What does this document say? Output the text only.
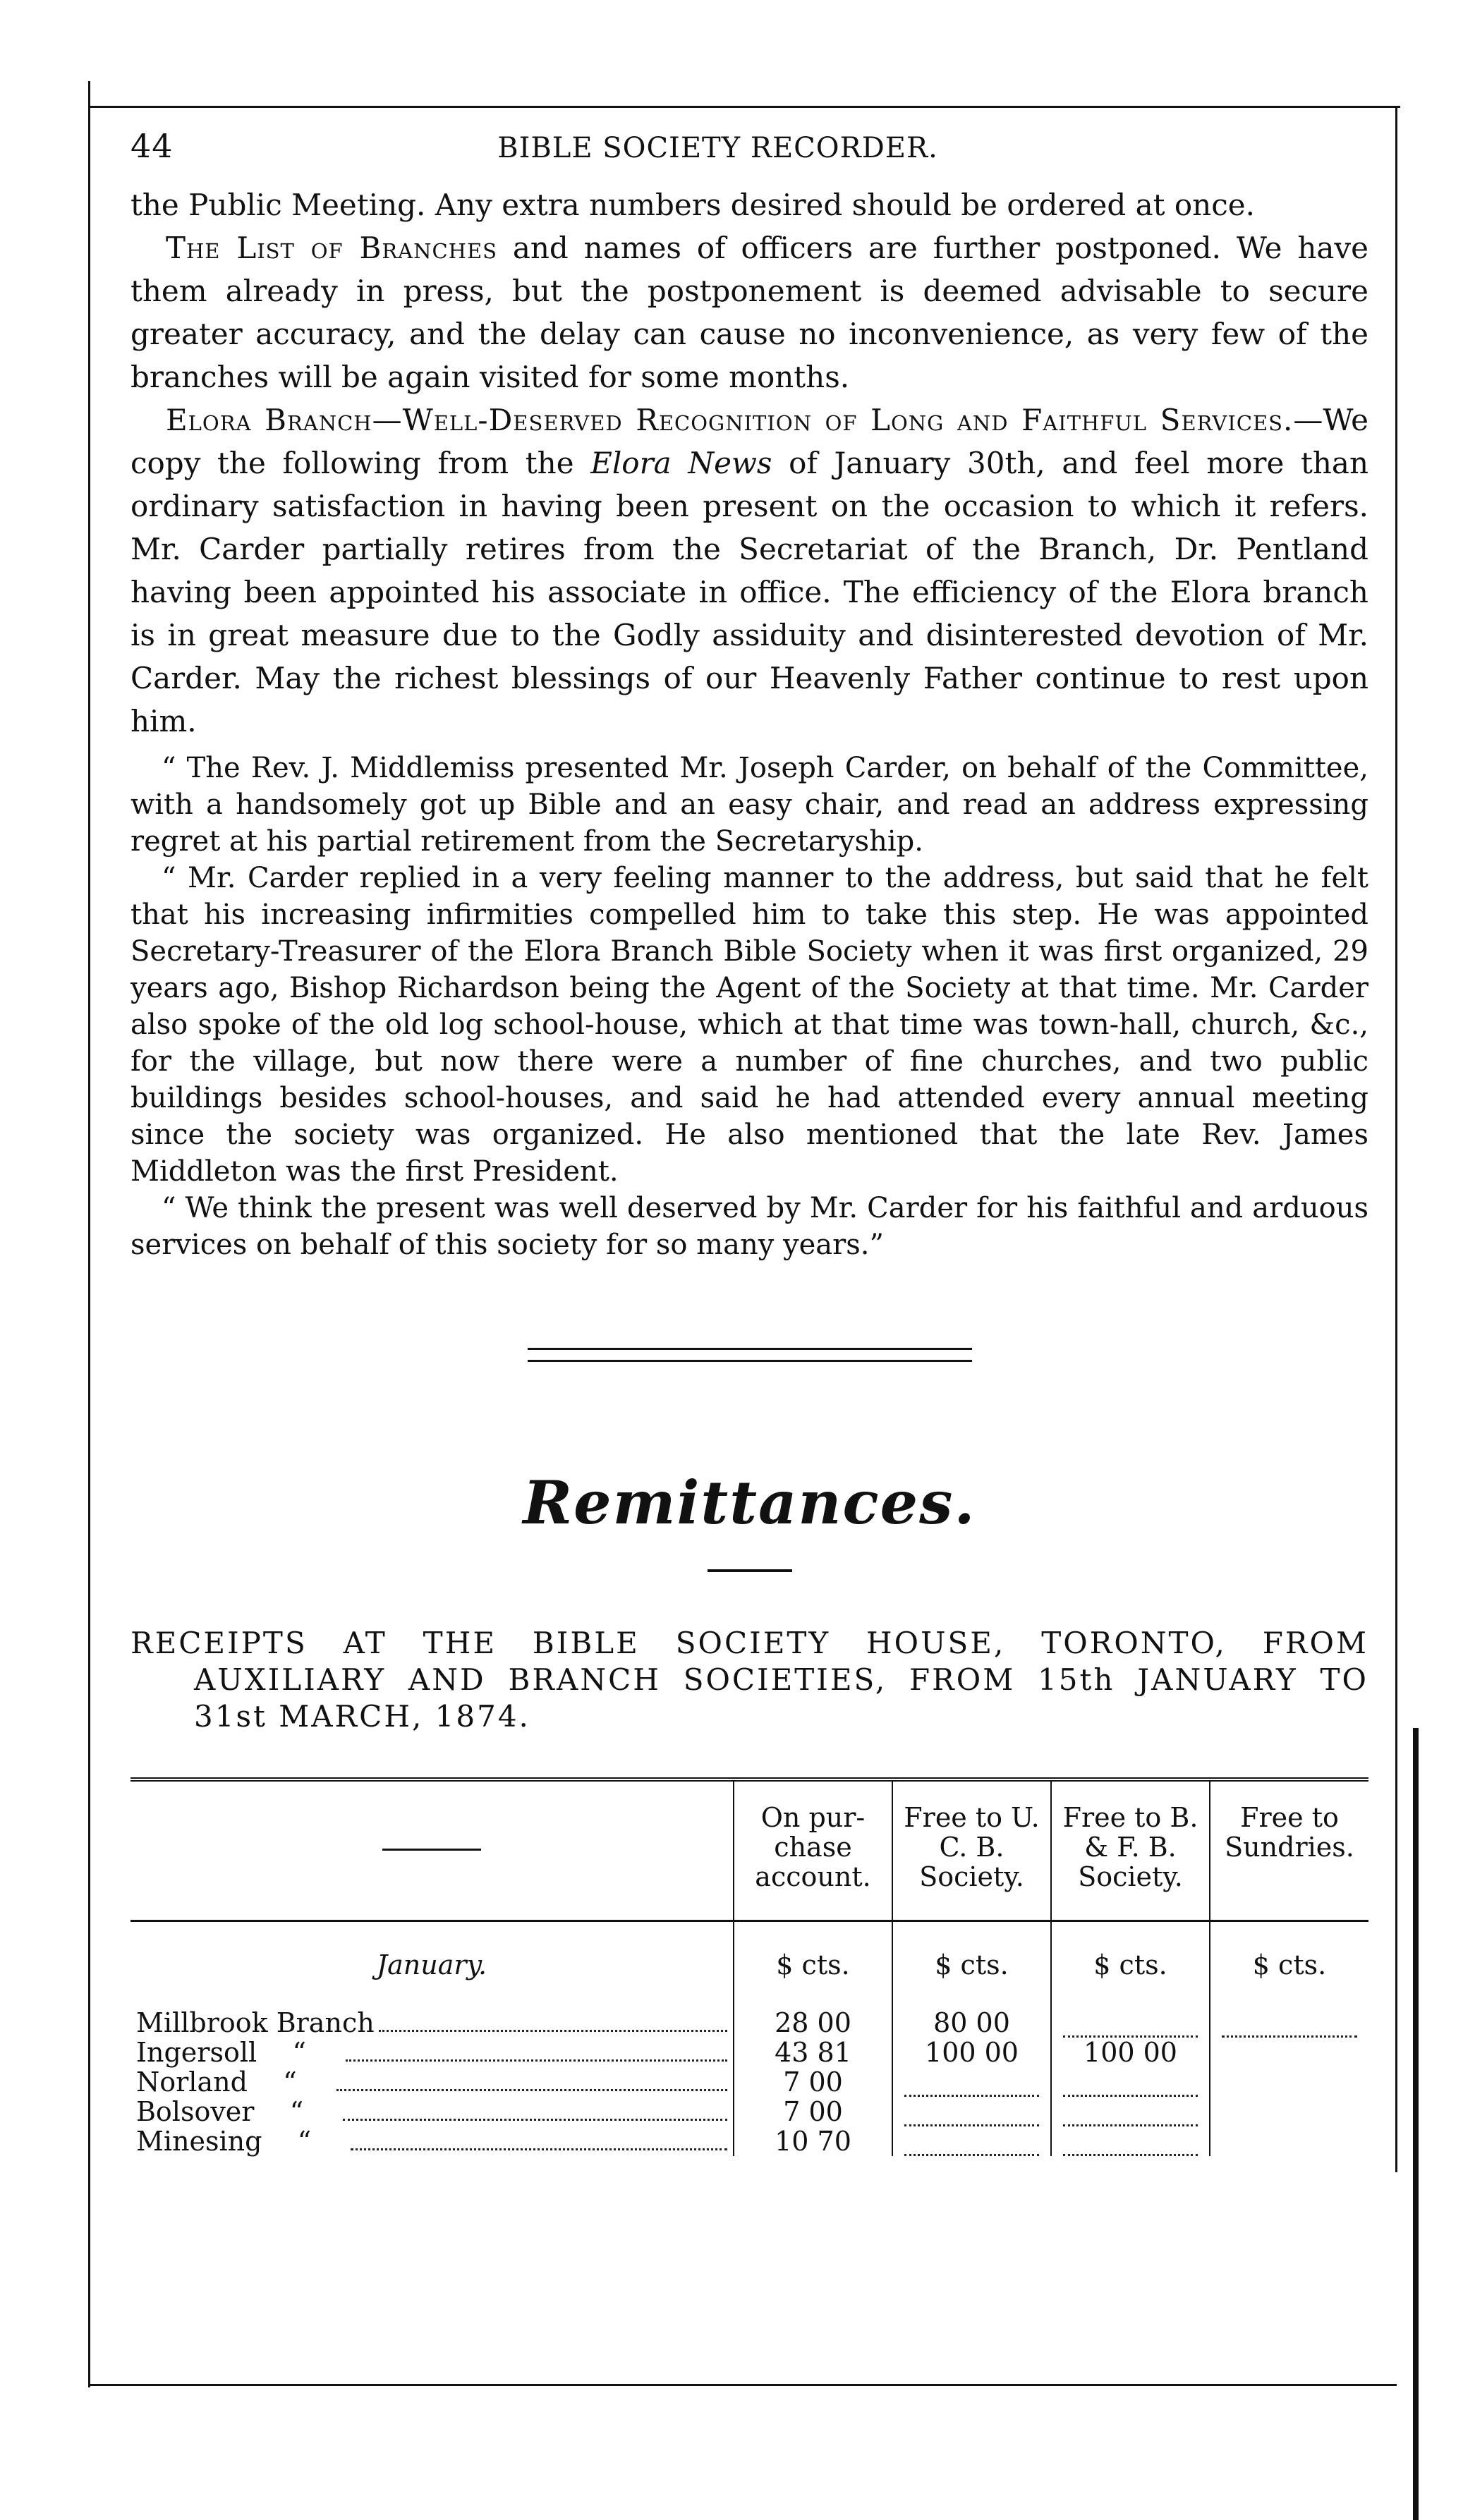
44	BIBLE SOCIETY RECORDER.

the Public Meeting. Any extra numbers desired should be ordered at once.

The List of Branches and names of officers are further postponed. We have them already in press, but the postponement is deemed advisable to secure greater accuracy, and the delay can cause no inconvenience, as very few of the branches will be again visited for some months.

Elora Branch—Well-Deserved Recognition of Long and Faithful Services.—We copy the following from the Elora News of January 30th, and feel more than ordinary satisfaction in having been present on the occasion to which it refers. Mr. Carder partially retires from the Secretariat of the Branch, Dr. Pentland having been appointed his associate in office. The efficiency of the Elora branch is in great measure due to the Godly assiduity and disinterested devotion of Mr. Carder. May the richest blessings of our Heavenly Father continue to rest upon him.

“ The Rev. J. Middlemiss presented Mr. Joseph Carder, on behalf of the Committee, with a handsomely got up Bible and an easy chair, and read an address expressing regret at his partial retirement from the Secretaryship.

“ Mr. Carder replied in a very feeling manner to the address, but said that he felt that his increasing infirmities compelled him to take this step. He was appointed Secretary-Treasurer of the Elora Branch Bible Society when it was first organized, 29 years ago, Bishop Richardson being the Agent of the Society at that time. Mr. Carder also spoke of the old log school-house, which at that time was town-hall, church, &c., for the village, but now there were a number of fine churches, and two public buildings besides school-houses, and said he had attended every annual meeting since the society was organized. He also mentioned that the late Rev. James Middleton was the first President.

“ We think the present was well deserved by Mr. Carder for his faithful and arduous services on behalf of this society for so many years.”

Remittances.
RECEIPTS AT THE BIBLE SOCIETY HOUSE, TORONTO, FROM AUXILIARY AND BRANCH SOCIETIES, FROM 15th JANUARY TO 31st MARCH, 1874.
	On pur- chase account.	Free to U. C. B. Society.	Free to B. & F. B. Society.	Free to Sundries.
January.	$ cts.	$ cts.	$ cts.	$ cts.

Millbrook Branch	28 00	80 00	

Ingersoll “	43 81	100 00	100 00	

Norland “	7 00	

Bolsover “	7 00	

Minesing “	10 70	
